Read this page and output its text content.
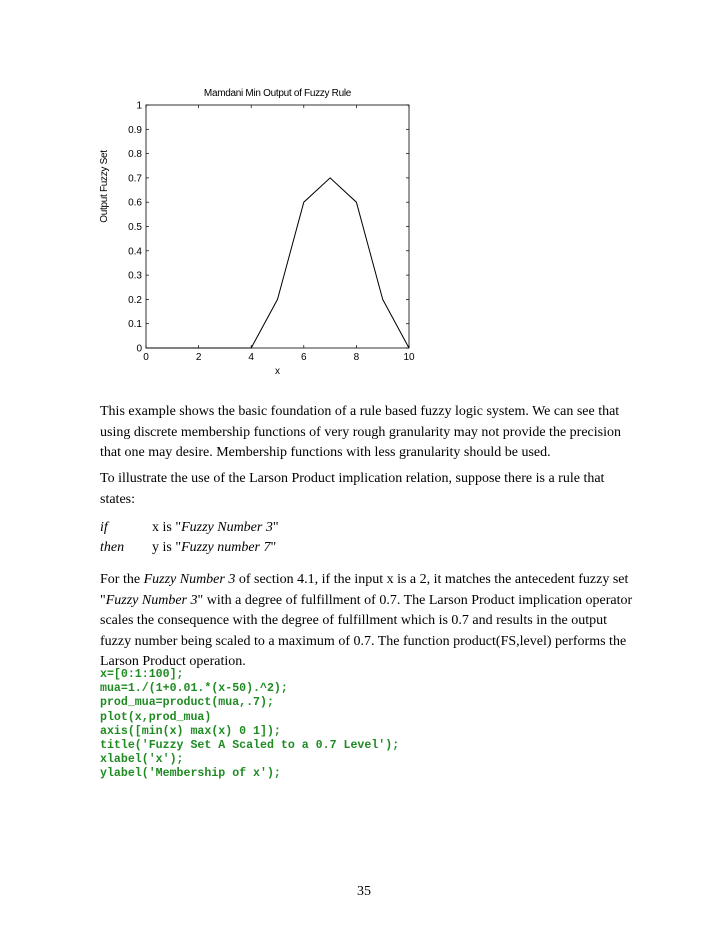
0	2	4	6	8	10
0
0.1
0.2
0.3
0.4
0.5
0.6
0.7
0.8
0.9
1
Mamdani Min Output of Fuzzy Rule
x
Output Fuzzy Set
This example shows the basic foundation of a rule based fuzzy logic system. We can see that using discrete membership functions of very rough granularity may not provide the precision that one may desire. Membership functions with less granularity should be used.
To illustrate the use of the Larson Product implication relation, suppose there is a rule that states:
if	x is "Fuzzy Number 3"
then y is "Fuzzy number 7"
For the Fuzzy Number 3 of section 4.1, if the input x is a 2, it matches the antecedent fuzzy set "Fuzzy Number 3" with a degree of fulfillment of 0.7. The Larson Product implication operator scales the consequence with the degree of fulfillment which is 0.7 and results in the output fuzzy number being scaled to a maximum of 0.7. The function product(FS,level) performs the Larson Product operation.
x=[0:1:100];
mua=1./(1+0.01.*(x-50).^2);
prod_mua=product(mua,.7);
plot(x,prod_mua)
axis([min(x) max(x) 0 1]);
title('Fuzzy Set A Scaled to a 0.7 Level');
xlabel('x');
ylabel('Membership of x');
35
